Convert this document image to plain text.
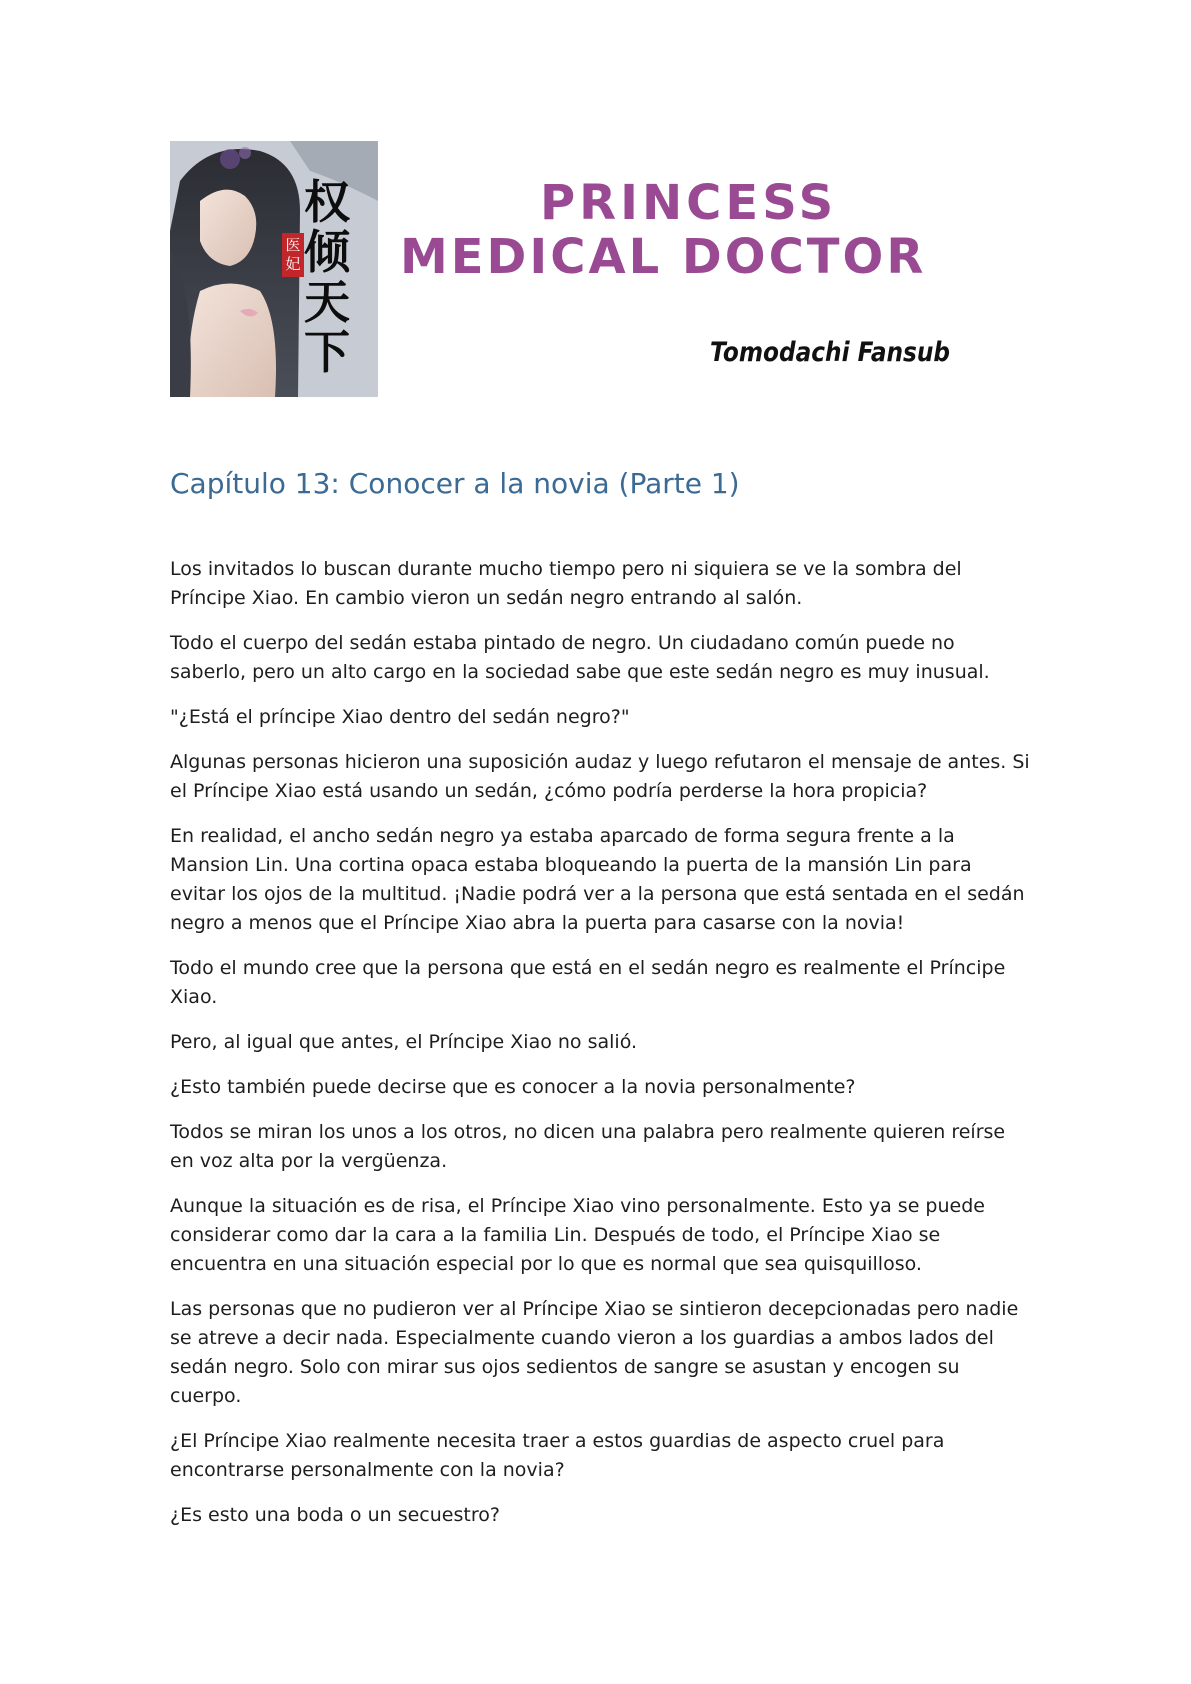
医妃
权倾天下
PRINCESS
MEDICAL DOCTOR
Tomodachi Fansub
Capítulo 13: Conocer a la novia (Parte 1)

Los invitados lo buscan durante mucho tiempo pero ni siquiera se ve la sombra del Príncipe Xiao. En cambio vieron un sedán negro entrando al salón.

Todo el cuerpo del sedán estaba pintado de negro. Un ciudadano común puede no saberlo, pero un alto cargo en la sociedad sabe que este sedán negro es muy inusual.

"¿Está el príncipe Xiao dentro del sedán negro?"

Algunas personas hicieron una suposición audaz y luego refutaron el mensaje de antes. Si el Príncipe Xiao está usando un sedán, ¿cómo podría perderse la hora propicia?

En realidad, el ancho sedán negro ya estaba aparcado de forma segura frente a la Mansion Lin. Una cortina opaca estaba bloqueando la puerta de la mansión Lin para evitar los ojos de la multitud. ¡Nadie podrá ver a la persona que está sentada en el sedán negro a menos que el Príncipe Xiao abra la puerta para casarse con la novia!

Todo el mundo cree que la persona que está en el sedán negro es realmente el Príncipe Xiao.

Pero, al igual que antes, el Príncipe Xiao no salió.

¿Esto también puede decirse que es conocer a la novia personalmente?

Todos se miran los unos a los otros, no dicen una palabra pero realmente quieren reírse en voz alta por la vergüenza.

Aunque la situación es de risa, el Príncipe Xiao vino personalmente. Esto ya se puede considerar como dar la cara a la familia Lin. Después de todo, el Príncipe Xiao se encuentra en una situación especial por lo que es normal que sea quisquilloso.

Las personas que no pudieron ver al Príncipe Xiao se sintieron decepcionadas pero nadie se atreve a decir nada. Especialmente cuando vieron a los guardias a ambos lados del sedán negro. Solo con mirar sus ojos sedientos de sangre se asustan y encogen su cuerpo.

¿El Príncipe Xiao realmente necesita traer a estos guardias de aspecto cruel para encontrarse personalmente con la novia?

¿Es esto una boda o un secuestro?
